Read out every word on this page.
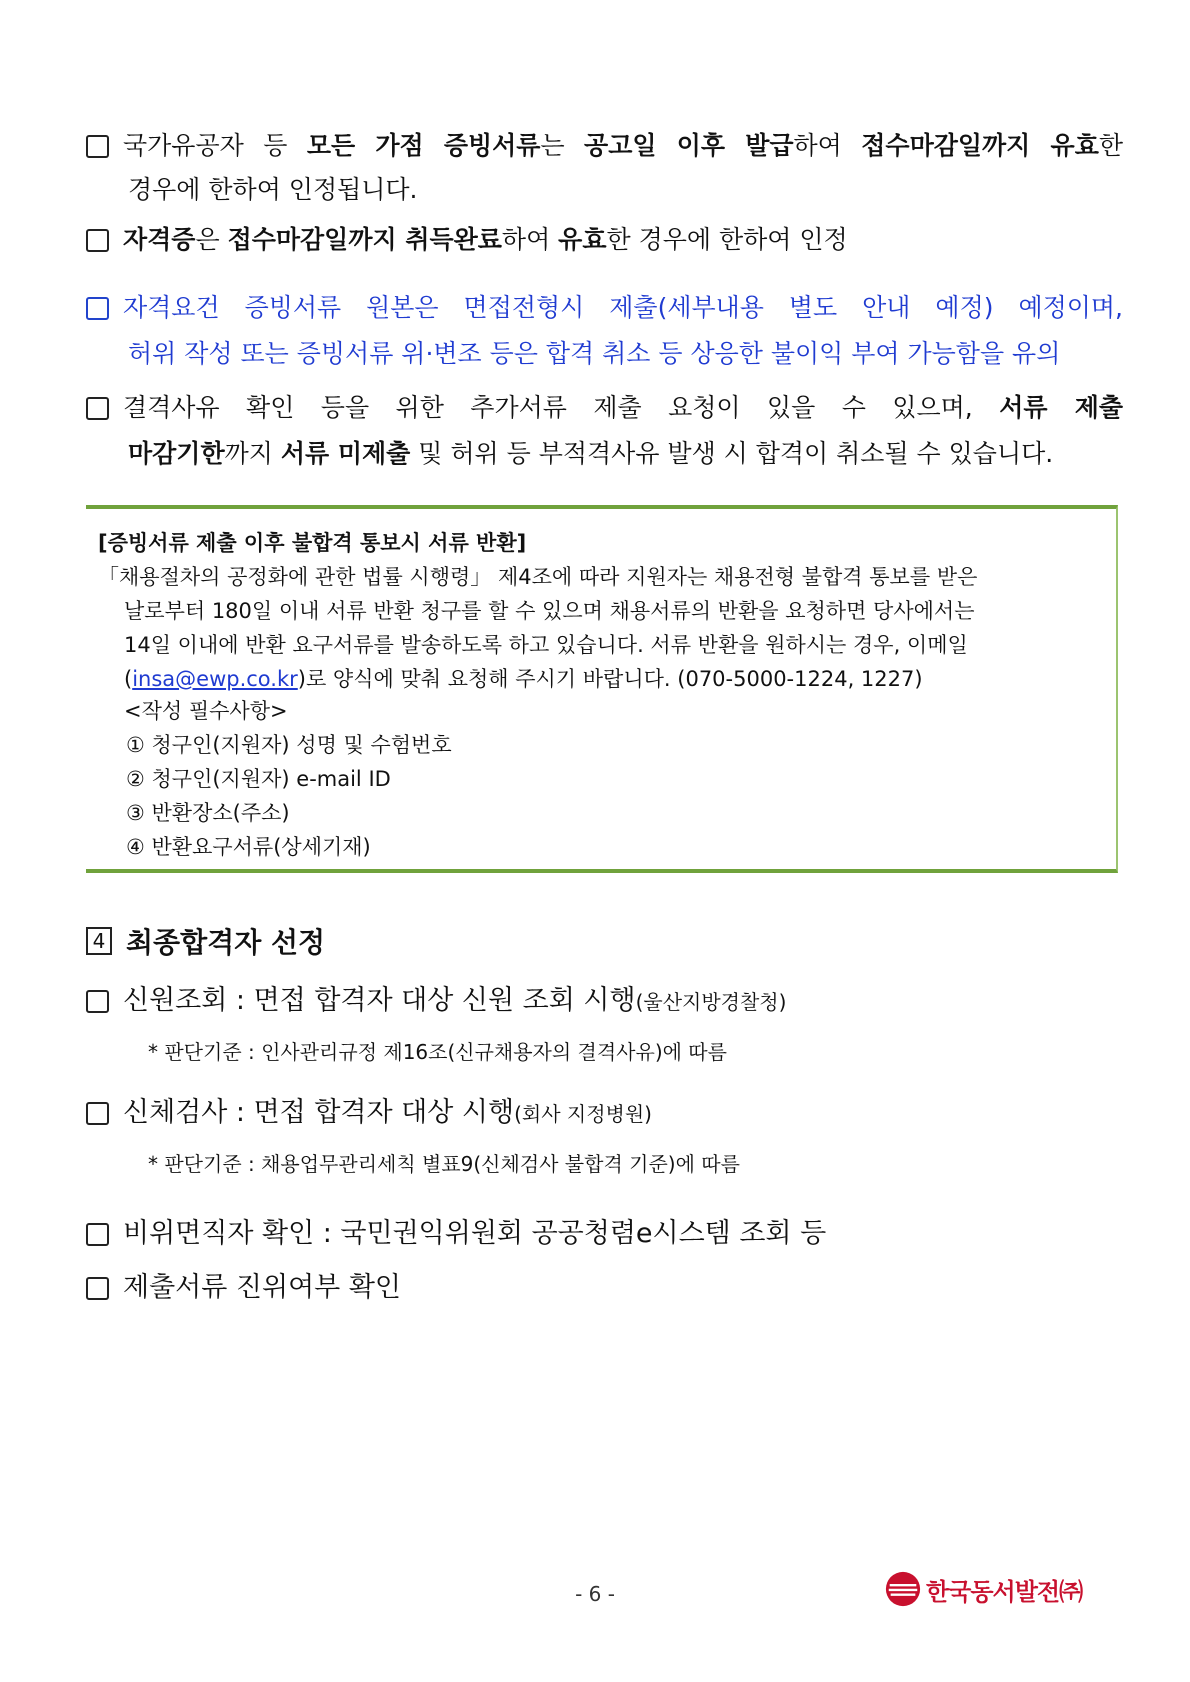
국가유공자 등 모든 가점 증빙서류는 공고일 이후 발급하여 접수마감일까지 유효한
경우에 한하여 인정됩니다.
자격증은 접수마감일까지 취득완료하여 유효한 경우에 한하여 인정
자격요건 증빙서류 원본은 면접전형시 제출(세부내용 별도 안내 예정) 예정이며,
허위 작성 또는 증빙서류 위·변조 등은 합격 취소 등 상응한 불이익 부여 가능함을 유의
결격사유 확인 등을 위한 추가서류 제출 요청이 있을 수 있으며, 서류 제출
마감기한까지 서류 미제출 및 허위 등 부적격사유 발생 시 합격이 취소될 수 있습니다.
[증빙서류 제출 이후 불합격 통보시 서류 반환]
「채용절차의 공정화에 관한 법률 시행령」 제4조에 따라 지원자는 채용전형 불합격 통보를 받은
날로부터 180일 이내 서류 반환 청구를 할 수 있으며 채용서류의 반환을 요청하면 당사에서는
14일 이내에 반환 요구서류를 발송하도록 하고 있습니다. 서류 반환을 원하시는 경우, 이메일
(insa@ewp.co.kr)로 양식에 맞춰 요청해 주시기 바랍니다. (070-5000-1224, 1227)
<작성 필수사항>
① 청구인(지원자) 성명 및 수험번호
② 청구인(지원자) e-mail ID
③ 반환장소(주소)
④ 반환요구서류(상세기재)
4 최종합격자 선정
신원조회 : 면접 합격자 대상 신원 조회 시행(울산지방경찰청)
* 판단기준 : 인사관리규정 제16조(신규채용자의 결격사유)에 따름
신체검사 : 면접 합격자 대상 시행(회사 지정병원)
* 판단기준 : 채용업무관리세칙 별표9(신체검사 불합격 기준)에 따름
비위면직자 확인 : 국민권익위원회 공공청렴e시스템 조회 등
제출서류 진위여부 확인
- 6 -	한국동서발전㈜
